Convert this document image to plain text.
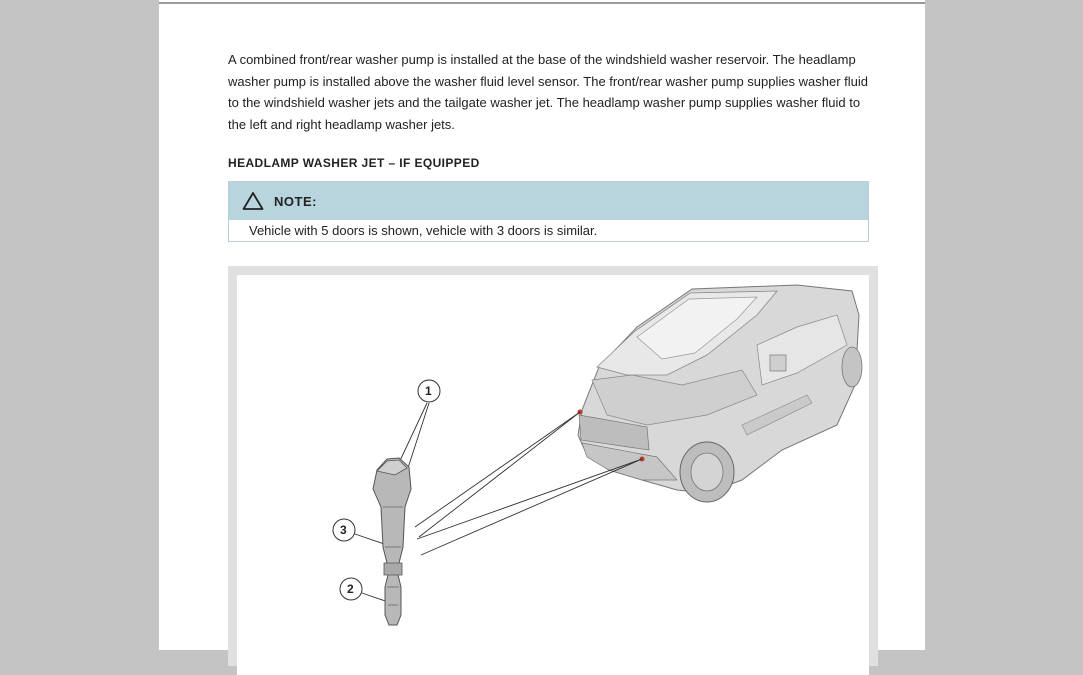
A combined front/rear washer pump is installed at the base of the windshield washer reservoir. The headlamp washer pump is installed above the washer fluid level sensor. The front/rear washer pump supplies washer fluid to the windshield washer jets and the tailgate washer jet. The headlamp washer pump supplies washer fluid to the left and right headlamp washer jets.

HEADLAMP WASHER JET – IF EQUIPPED
NOTE:
Vehicle with 5 doors is shown, vehicle with 3 doors is similar.
1
3
2
